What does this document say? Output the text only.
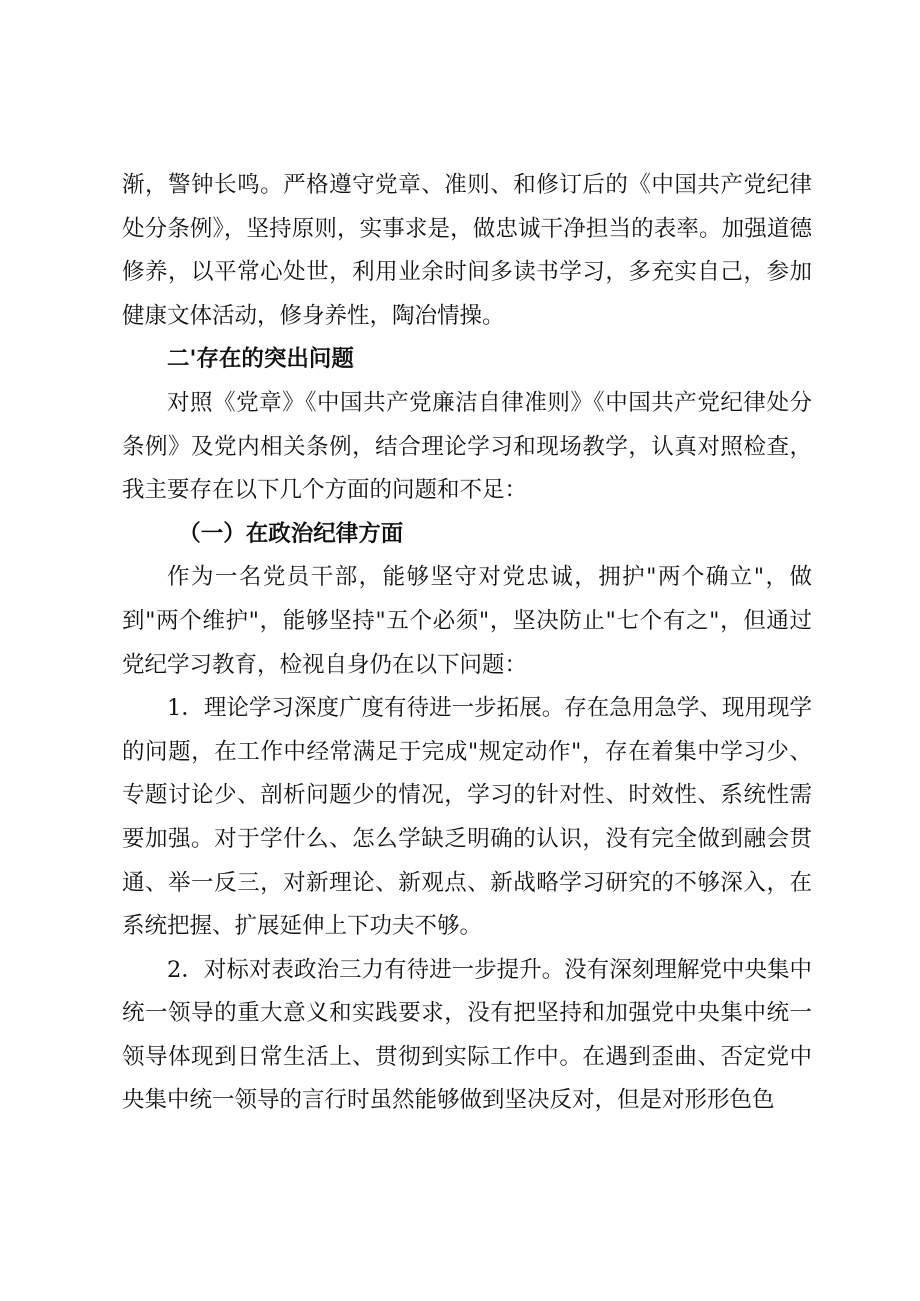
渐，警钟长鸣。严格遵守党章、准则、和修订后的《中国共产党纪律处分条例》，坚持原则，实事求是，做忠诚干净担当的表率。加强道德修养，以平常心处世，利用业余时间多读书学习，多充实自己，参加健康文体活动，修身养性，陶冶情操。

二'存在的突出问题

对照《党章》《中国共产党廉洁自律准则》《中国共产党纪律处分条例》及党内相关条例，结合理论学习和现场教学，认真对照检查，我主要存在以下几个方面的问题和不足：

（一）在政治纪律方面

作为一名党员干部，能够坚守对党忠诚，拥护"两个确立"，做到"两个维护"，能够坚持"五个必须"，坚决防止"七个有之"，但通过党纪学习教育，检视自身仍在以下问题：

1．理论学习深度广度有待进一步拓展。存在急用急学、现用现学的问题，在工作中经常满足于完成"规定动作"，存在着集中学习少、专题讨论少、剖析问题少的情况，学习的针对性、时效性、系统性需要加强。对于学什么、怎么学缺乏明确的认识，没有完全做到融会贯通、举一反三，对新理论、新观点、新战略学习研究的不够深入，在系统把握、扩展延伸上下功夫不够。

2．对标对表政治三力有待进一步提升。没有深刻理解党中央集中统一领导的重大意义和实践要求，没有把坚持和加强党中央集中统一领导体现到日常生活上、贯彻到实际工作中。在遇到歪曲、否定党中央集中统一领导的言行时虽然能够做到坚决反对，但是对形形色色
